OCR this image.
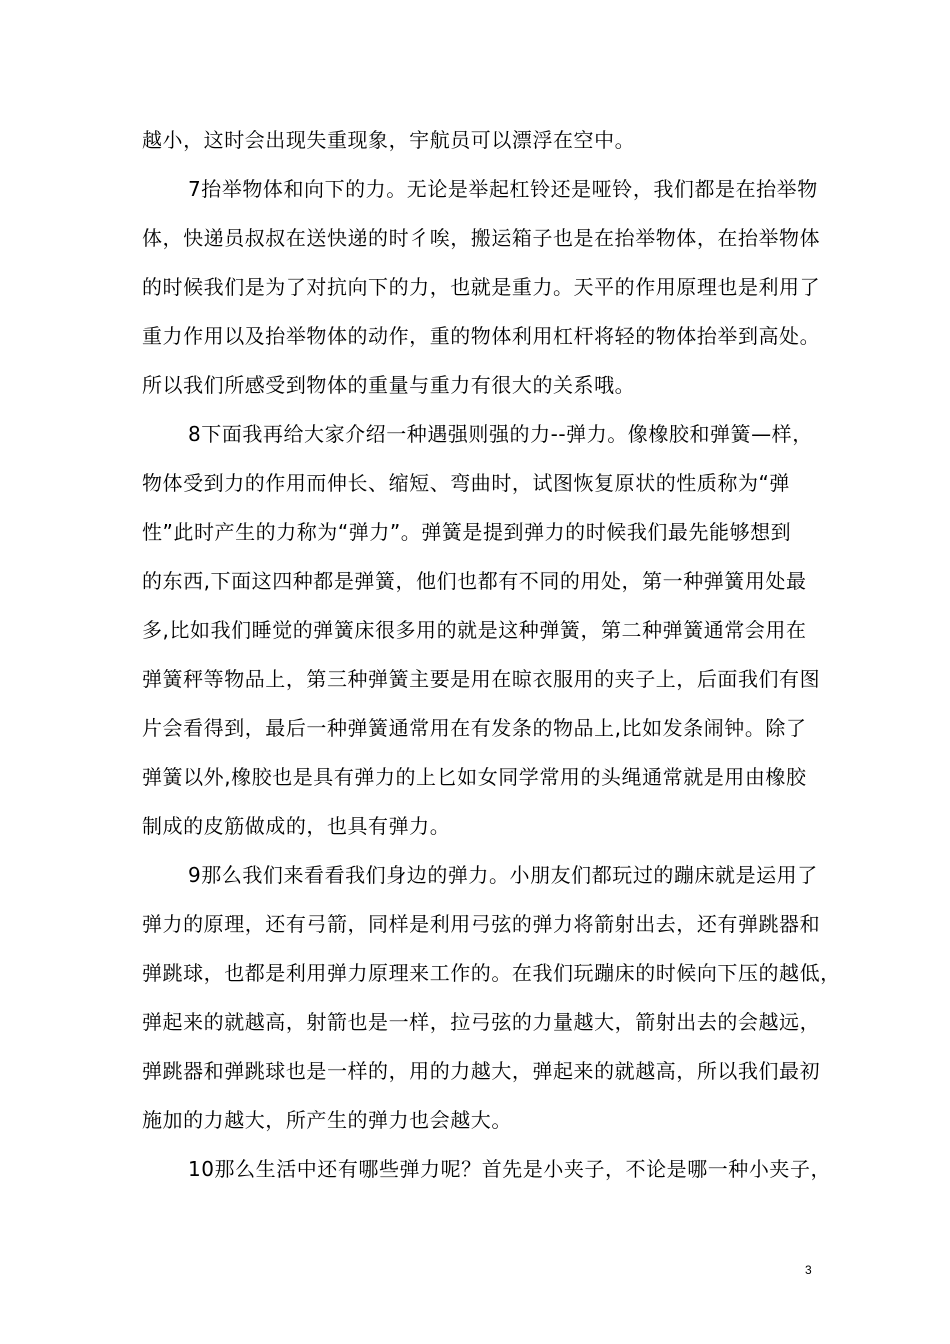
越小，这时会出现失重现象，宇航员可以漂浮在空中。
7抬举物体和向下的力。无论是举起杠铃还是哑铃，我们都是在抬举物
体，快递员叔叔在送快递的时彳唉，搬运箱子也是在抬举物体，在抬举物体
的时候我们是为了对抗向下的力，也就是重力。天平的作用原理也是利用了
重力作用以及抬举物体的动作，重的物体利用杠杆将轻的物体抬举到高处。
所以我们所感受到物体的重量与重力有很大的关系哦。
8下面我再给大家介绍一种遇强则强的力--弹力。像橡胶和弹簧—样，
物体受到力的作用而伸长、缩短、弯曲时，试图恢复原状的性质称为“弹
性”此时产生的力称为“弹力”。弹簧是提到弹力的时候我们最先能够想到
的东西,下面这四种都是弹簧，他们也都有不同的用处，第一种弹簧用处最
多,比如我们睡觉的弹簧床很多用的就是这种弹簧，第二种弹簧通常会用在
弹簧秤等物品上，第三种弹簧主要是用在晾衣服用的夹子上，后面我们有图
片会看得到，最后一种弹簧通常用在有发条的物品上,比如发条闹钟。除了
弹簧以外,橡胶也是具有弹力的上匕如女同学常用的头绳通常就是用由橡胶
制成的皮筋做成的，也具有弹力。
9那么我们来看看我们身边的弹力。小朋友们都玩过的蹦床就是运用了
弹力的原理，还有弓箭，同样是利用弓弦的弹力将箭射出去，还有弹跳器和
弹跳球，也都是利用弹力原理来工作的。在我们玩蹦床的时候向下压的越低，
弹起来的就越高，射箭也是一样，拉弓弦的力量越大，箭射出去的会越远，
弹跳器和弹跳球也是一样的，用的力越大，弹起来的就越高，所以我们最初
施加的力越大，所产生的弹力也会越大。
10那么生活中还有哪些弹力呢？首先是小夹子，不论是哪一种小夹子，
3
